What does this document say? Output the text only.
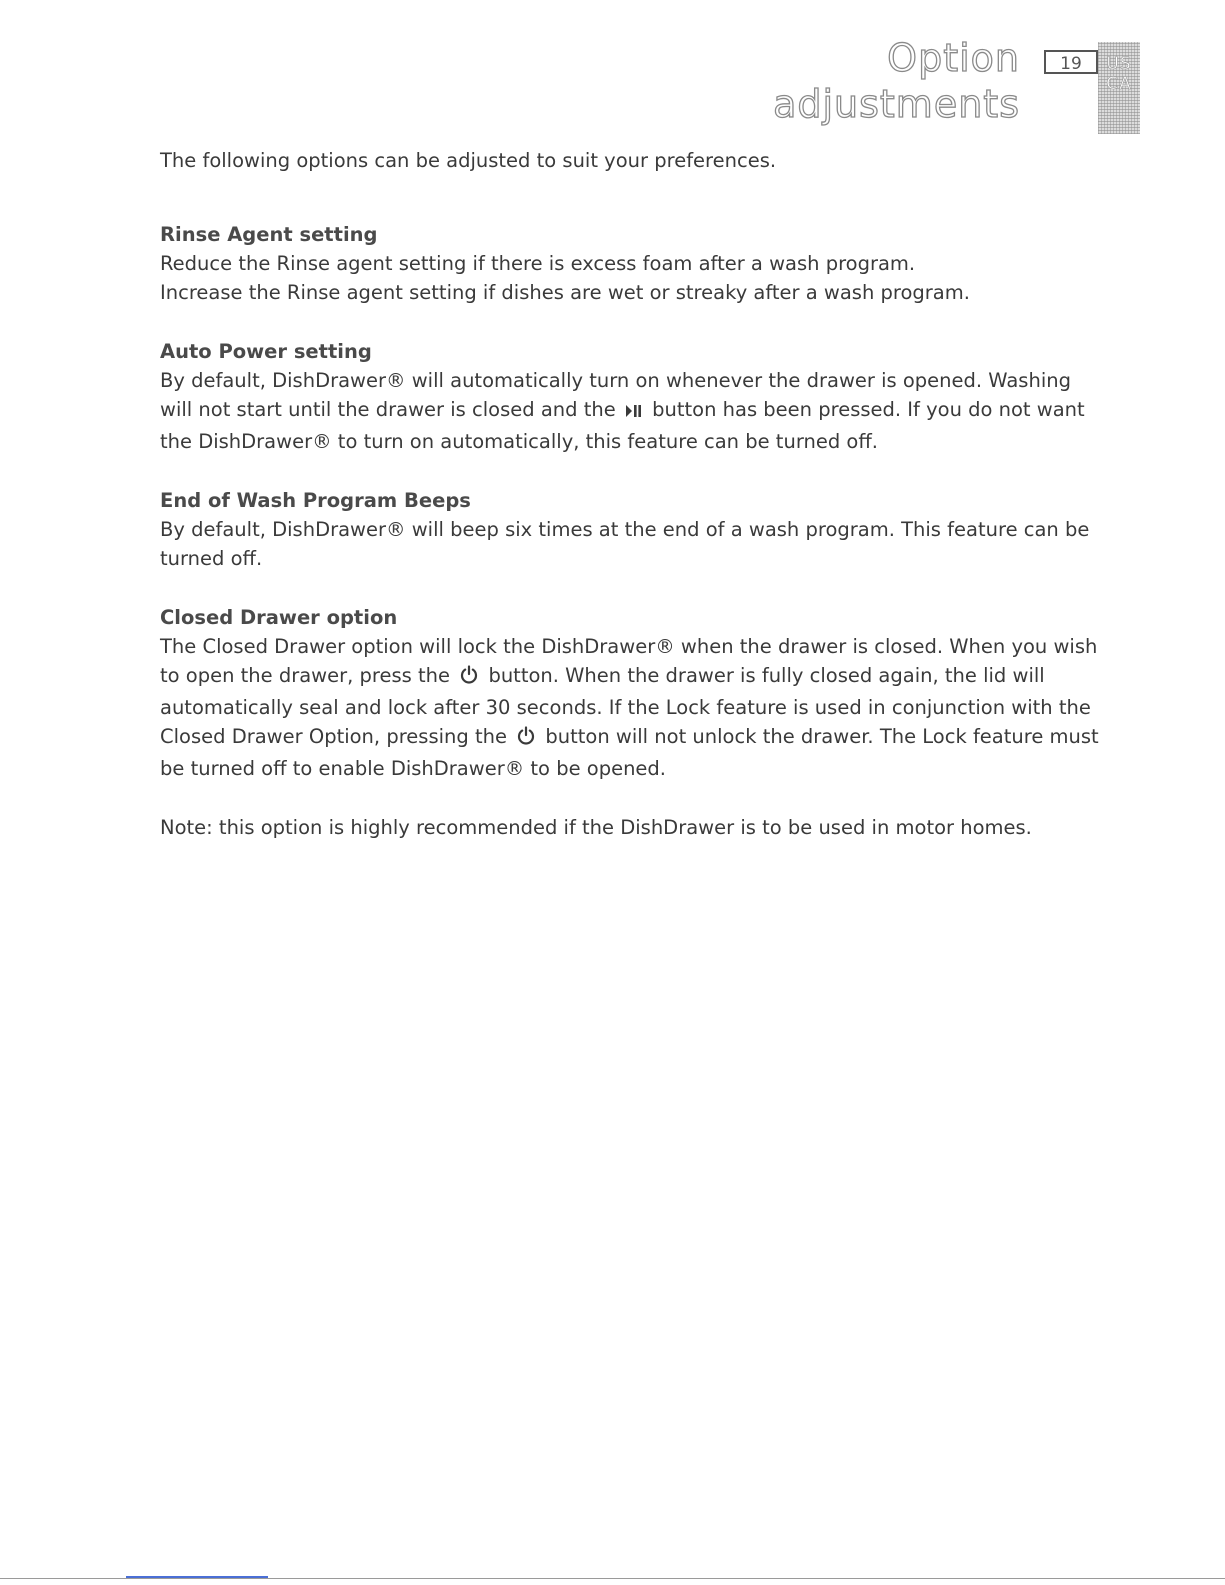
Option adjustments
19	US CA

The following options can be adjusted to suit your preferences.

Rinse Agent setting

Reduce the Rinse agent setting if there is excess foam after a wash program.

Increase the Rinse agent setting if dishes are wet or streaky after a wash program.

Auto Power setting

By default, DishDrawer® will automatically turn on whenever the drawer is opened. Washing will not start until the drawer is closed and the button has been pressed. If you do not want the DishDrawer® to turn on automatically, this feature can be turned off.

End of Wash Program Beeps

By default, DishDrawer® will beep six times at the end of a wash program. This feature can be turned off.

Closed Drawer option

The Closed Drawer option will lock the DishDrawer® when the drawer is closed. When you wish to open the drawer, press the button. When the drawer is fully closed again, the lid will automatically seal and lock after 30 seconds. If the Lock feature is used in conjunction with the Closed Drawer Option, pressing the button will not unlock the drawer. The Lock feature must be turned off to enable DishDrawer® to be opened.

Note: this option is highly recommended if the DishDrawer is to be used in motor homes.
